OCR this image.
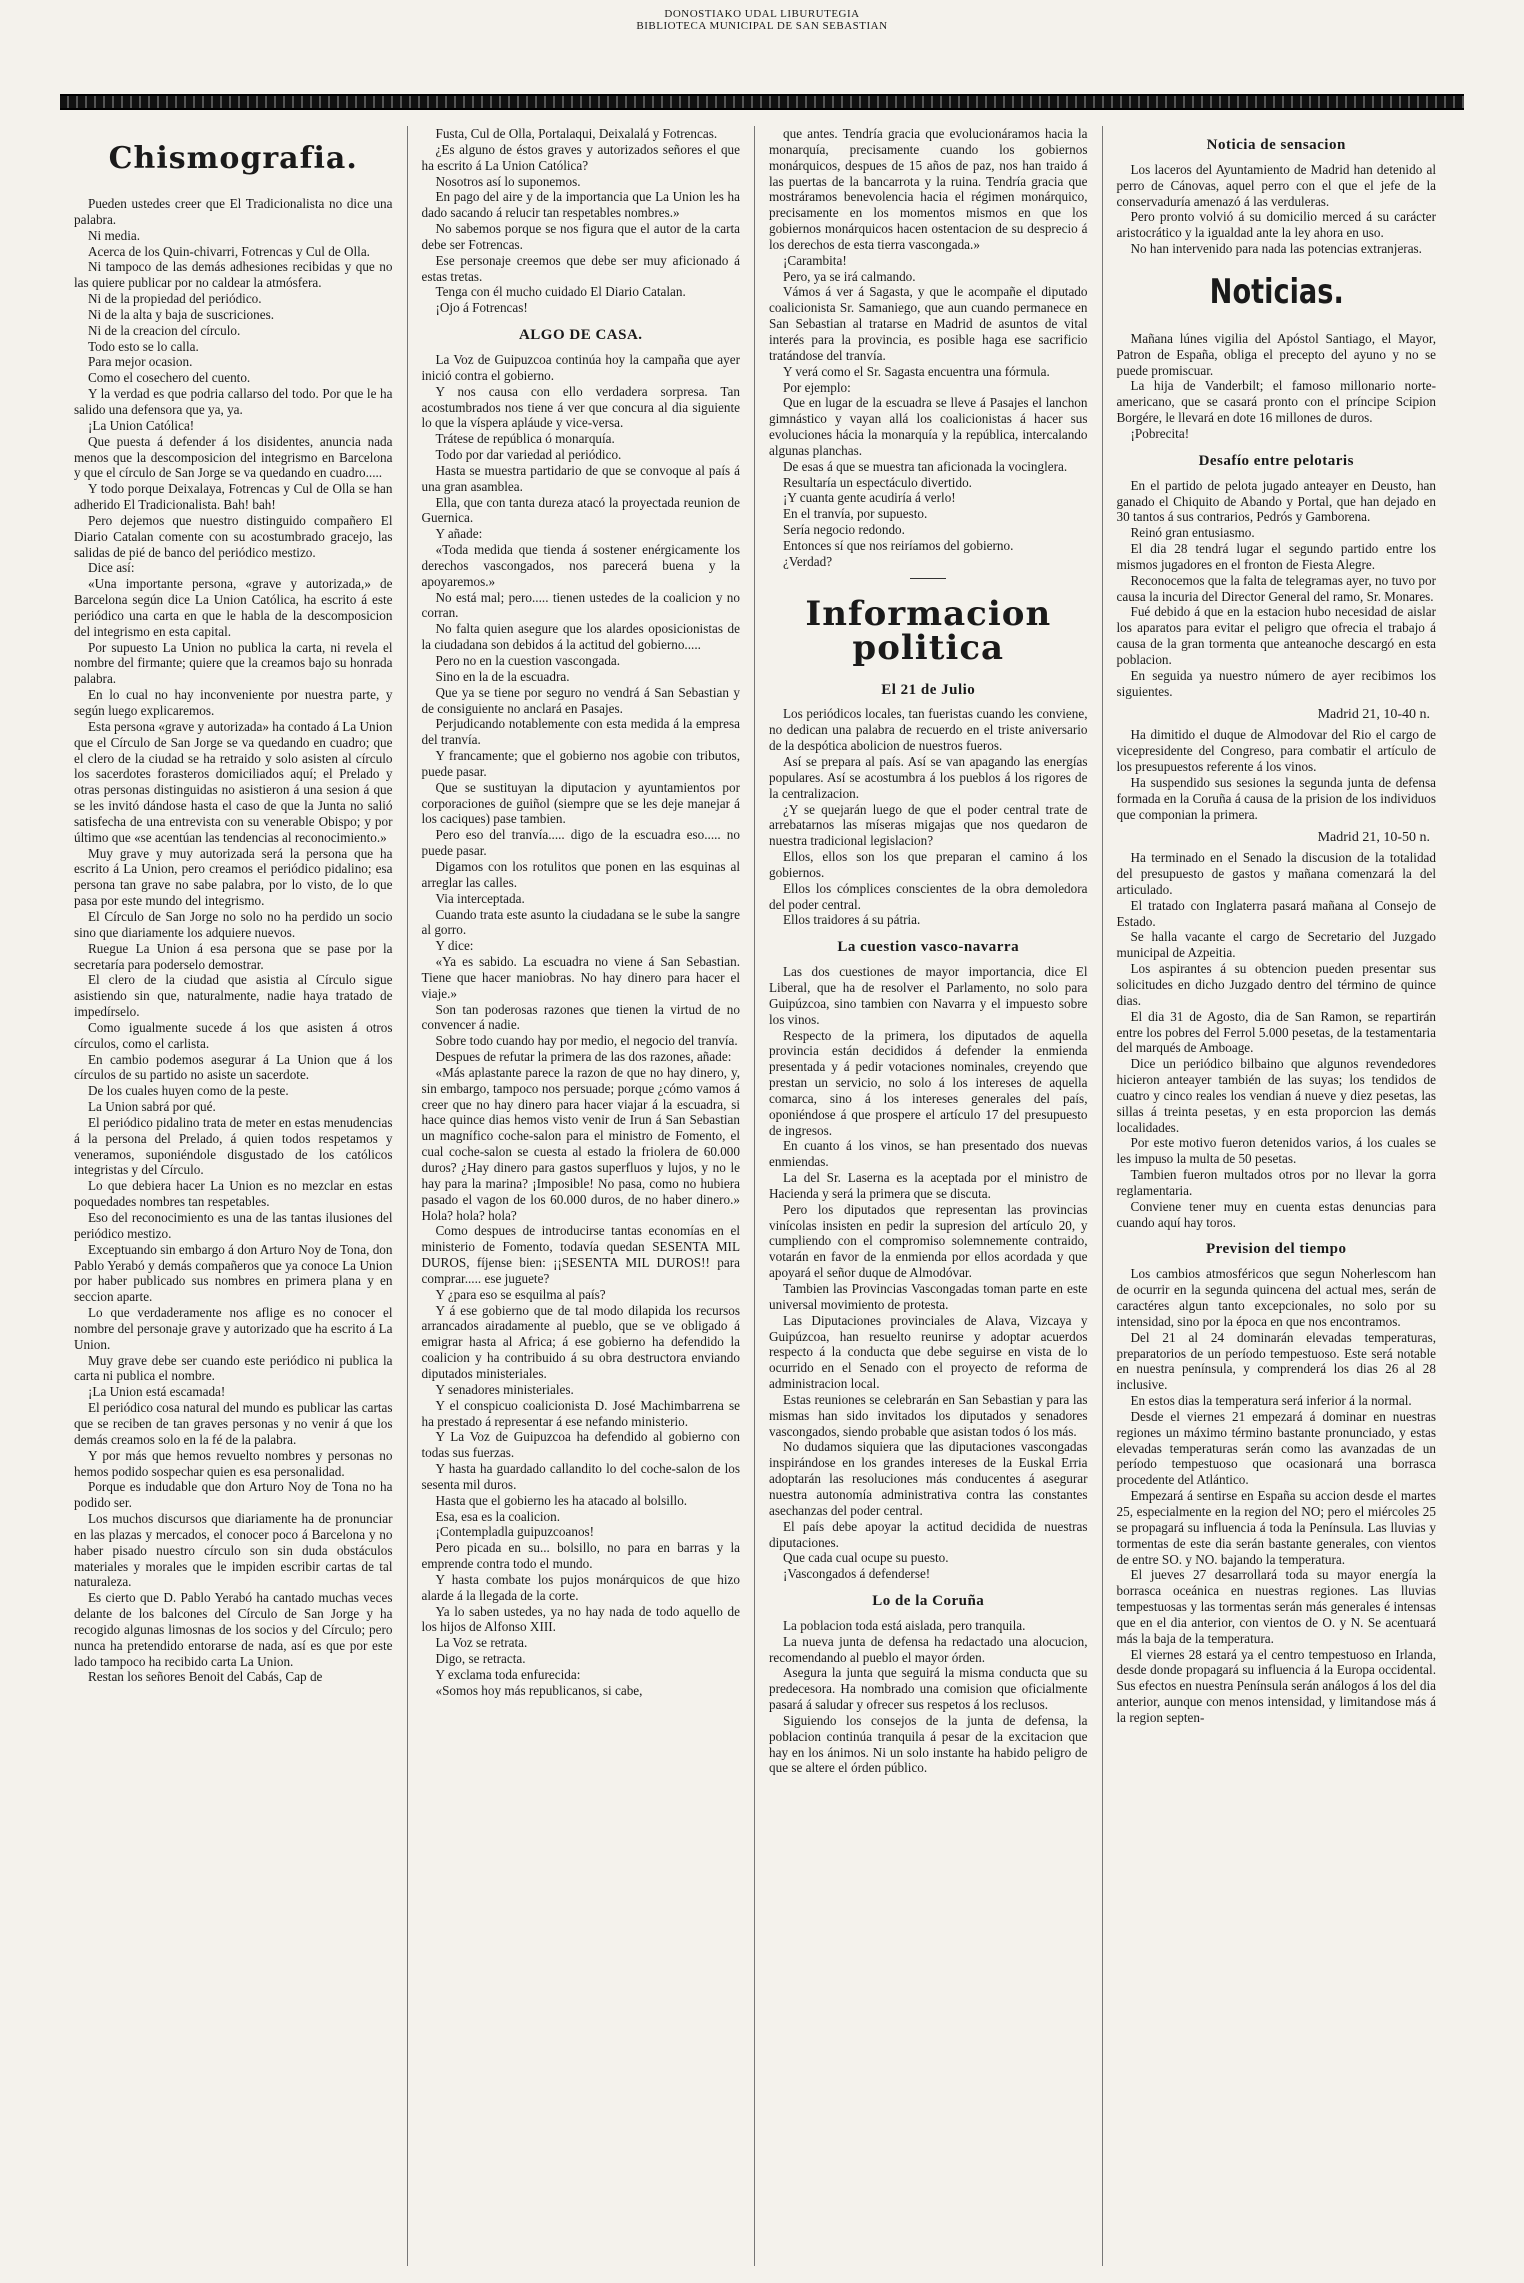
DONOSTIAKO UDAL LIBURUTEGIA
BIBLIOTECA MUNICIPAL DE SAN SEBASTIAN
Chismografia.

Pueden ustedes creer que El Tradicionalista no dice una palabra.

Ni media.

Acerca de los Quin-chivarri, Fotrencas y Cul de Olla.

Ni tampoco de las demás adhesiones recibidas y que no las quiere publicar por no caldear la atmósfera.

Ni de la propiedad del periódico.

Ni de la alta y baja de suscriciones.

Ni de la creacion del círculo.

Todo esto se lo calla.

Para mejor ocasion.

Como el cosechero del cuento.

Y la verdad es que podria callarso del todo. Por que le ha salido una defensora que ya, ya.

¡La Union Católica!

Que puesta á defender á los disidentes, anuncia nada menos que la descomposicion del integrismo en Barcelona y que el círculo de San Jorge se va quedando en cuadro.....

Y todo porque Deixalaya, Fotrencas y Cul de Olla se han adherido El Tradicionalista. Bah! bah!

Pero dejemos que nuestro distinguido compañero El Diario Catalan comente con su acostumbrado gracejo, las salidas de pié de banco del periódico mestizo.

Dice así:

«Una importante persona, «grave y autorizada,» de Barcelona según dice La Union Católica, ha escrito á este periódico una carta en que le habla de la descomposicion del integrismo en esta capital.

Por supuesto La Union no publica la carta, ni revela el nombre del firmante; quiere que la creamos bajo su honrada palabra.

En lo cual no hay inconveniente por nuestra parte, y según luego explicaremos.

Esta persona «grave y autorizada» ha contado á La Union que el Círculo de San Jorge se va quedando en cuadro; que el clero de la ciudad se ha retraido y solo asisten al círculo los sacerdotes forasteros domiciliados aquí; el Prelado y otras personas distinguidas no asistieron á una sesion á que se les invitó dándose hasta el caso de que la Junta no salió satisfecha de una entrevista con su venerable Obispo; y por último que «se acentúan las tendencias al reconocimiento.»

Muy grave y muy autorizada será la persona que ha escrito á La Union, pero creamos el periódico pidalino; esa persona tan grave no sabe palabra, por lo visto, de lo que pasa por este mundo del integrismo.

El Círculo de San Jorge no solo no ha perdido un socio sino que diariamente los adquiere nuevos.

Ruegue La Union á esa persona que se pase por la secretaría para poderselo demostrar.

El clero de la ciudad que asistia al Círculo sigue asistiendo sin que, naturalmente, nadie haya tratado de impedírselo.

Como igualmente sucede á los que asisten á otros círculos, como el carlista.

En cambio podemos asegurar á La Union que á los círculos de su partido no asiste un sacerdote.

De los cuales huyen como de la peste.

La Union sabrá por qué.

El periódico pidalino trata de meter en estas menudencias á la persona del Prelado, á quien todos respetamos y veneramos, suponiéndole disgustado de los católicos integristas y del Círculo.

Lo que debiera hacer La Union es no mezclar en estas poquedades nombres tan respetables.

Eso del reconocimiento es una de las tantas ilusiones del periódico mestizo.

Exceptuando sin embargo á don Arturo Noy de Tona, don Pablo Yerabó y demás compañeros que ya conoce La Union por haber publicado sus nombres en primera plana y en seccion aparte.

Lo que verdaderamente nos aflige es no conocer el nombre del personaje grave y autorizado que ha escrito á La Union.

Muy grave debe ser cuando este periódico ni publica la carta ni publica el nombre.

¡La Union está escamada!

El periódico cosa natural del mundo es publicar las cartas que se reciben de tan graves personas y no venir á que los demás creamos solo en la fé de la palabra.

Y por más que hemos revuelto nombres y personas no hemos podido sospechar quien es esa personalidad.

Porque es indudable que don Arturo Noy de Tona no ha podido ser.

Los muchos discursos que diariamente ha de pronunciar en las plazas y mercados, el conocer poco á Barcelona y no haber pisado nuestro círculo son sin duda obstáculos materiales y morales que le impiden escribir cartas de tal naturaleza.

Es cierto que D. Pablo Yerabó ha cantado muchas veces delante de los balcones del Círculo de San Jorge y ha recogido algunas limosnas de los socios y del Círculo; pero nunca ha pretendido entorarse de nada, así es que por este lado tampoco ha recibido carta La Union.

Restan los señores Benoit del Cabás, Cap de

Fusta, Cul de Olla, Portalaqui, Deixalalá y Fotrencas.

¿Es alguno de éstos graves y autorizados señores el que ha escrito á La Union Católica?

Nosotros así lo suponemos.

En pago del aire y de la importancia que La Union les ha dado sacando á relucir tan respetables nombres.»

No sabemos porque se nos figura que el autor de la carta debe ser Fotrencas.

Ese personaje creemos que debe ser muy aficionado á estas tretas.

Tenga con él mucho cuidado El Diario Catalan.

¡Ojo á Fotrencas!

ALGO DE CASA.

La Voz de Guipuzcoa continúa hoy la campaña que ayer inició contra el gobierno.

Y nos causa con ello verdadera sorpresa. Tan acostumbrados nos tiene á ver que concura al dia siguiente lo que la víspera apláude y vice-versa.

Trátese de república ó monarquía.

Todo por dar variedad al periódico.

Hasta se muestra partidario de que se convoque al país á una gran asamblea.

Ella, que con tanta dureza atacó la proyectada reunion de Guernica.

Y añade:

«Toda medida que tienda á sostener enérgicamente los derechos vascongados, nos parecerá buena y la apoyaremos.»

No está mal; pero..... tienen ustedes de la coalicion y no corran.

No falta quien asegure que los alardes oposicionistas de la ciudadana son debidos á la actitud del gobierno.....

Pero no en la cuestion vascongada.

Sino en la de la escuadra.

Que ya se tiene por seguro no vendrá á San Sebastian y de consiguiente no anclará en Pasajes.

Perjudicando notablemente con esta medida á la empresa del tranvía.

Y francamente; que el gobierno nos agobie con tributos, puede pasar.

Que se sustituyan la diputacion y ayuntamientos por corporaciones de guiñol (siempre que se les deje manejar á los caciques) pase tambien.

Pero eso del tranvía..... digo de la escuadra eso..... no puede pasar.

Digamos con los rotulitos que ponen en las esquinas al arreglar las calles.

Via interceptada.

Cuando trata este asunto la ciudadana se le sube la sangre al gorro.

Y dice:

«Ya es sabido. La escuadra no viene á San Sebastian. Tiene que hacer maniobras. No hay dinero para hacer el viaje.»

Son tan poderosas razones que tienen la virtud de no convencer á nadie.

Sobre todo cuando hay por medio, el negocio del tranvía.

Despues de refutar la primera de las dos razones, añade:

«Más aplastante parece la razon de que no hay dinero, y, sin embargo, tampoco nos persuade; porque ¿cómo vamos á creer que no hay dinero para hacer viajar á la escuadra, si hace quince dias hemos visto venir de Irun á San Sebastian un magnífico coche-salon para el ministro de Fomento, el cual coche-salon se cuesta al estado la friolera de 60.000 duros? ¿Hay dinero para gastos superfluos y lujos, y no le hay para la marina? ¡Imposible! No pasa, como no hubiera pasado el vagon de los 60.000 duros, de no haber dinero.» Hola? hola? hola?

Como despues de introducirse tantas economías en el ministerio de Fomento, todavía quedan SESENTA MIL DUROS, fíjense bien: ¡¡SESENTA MIL DUROS!! para comprar..... ese juguete?

Y ¿para eso se esquilma al país?

Y á ese gobierno que de tal modo dilapida los recursos arrancados airadamente al pueblo, que se ve obligado á emigrar hasta al Africa; á ese gobierno ha defendido la coalicion y ha contribuido á su obra destructora enviando diputados ministeriales.

Y senadores ministeriales.

Y el conspicuo coalicionista D. José Machimbarrena se ha prestado á representar á ese nefando ministerio.

Y La Voz de Guipuzcoa ha defendido al gobierno con todas sus fuerzas.

Y hasta ha guardado callandito lo del coche-salon de los sesenta mil duros.

Hasta que el gobierno les ha atacado al bolsillo.

Esa, esa es la coalicion.

¡Contempladla guipuzcoanos!

Pero picada en su... bolsillo, no para en barras y la emprende contra todo el mundo.

Y hasta combate los pujos monárquicos de que hizo alarde á la llegada de la corte.

Ya lo saben ustedes, ya no hay nada de todo aquello de los hijos de Alfonso XIII.

La Voz se retrata.

Digo, se retracta.

Y exclama toda enfurecida:

«Somos hoy más republicanos, si cabe,

que antes. Tendría gracia que evolucionáramos hacia la monarquía, precisamente cuando los gobiernos monárquicos, despues de 15 años de paz, nos han traido á las puertas de la bancarrota y la ruina. Tendría gracia que mostráramos benevolencia hacia el régimen monárquico, precisamente en los momentos mismos en que los gobiernos monárquicos hacen ostentacion de su desprecio á los derechos de esta tierra vascongada.»

¡Carambita!

Pero, ya se irá calmando.

Vámos á ver á Sagasta, y que le acompañe el diputado coalicionista Sr. Samaniego, que aun cuando permanece en San Sebastian al tratarse en Madrid de asuntos de vital interés para la provincia, es posible haga ese sacrificio tratándose del tranvía.

Y verá como el Sr. Sagasta encuentra una fórmula.

Por ejemplo:

Que en lugar de la escuadra se lleve á Pasajes el lanchon gimnástico y vayan allá los coalicionistas á hacer sus evoluciones hácia la monarquía y la república, intercalando algunas planchas.

De esas á que se muestra tan aficionada la vocinglera.

Resultaría un espectáculo divertido.

¡Y cuanta gente acudiría á verlo!

En el tranvía, por supuesto.

Sería negocio redondo.

Entonces sí que nos reiríamos del gobierno.

¿Verdad?

Informacion politica
El 21 de Julio

Los periódicos locales, tan fueristas cuando les conviene, no dedican una palabra de recuerdo en el triste aniversario de la despótica abolicion de nuestros fueros.

Así se prepara al país. Así se van apagando las energías populares. Así se acostumbra á los pueblos á los rigores de la centralizacion.

¿Y se quejarán luego de que el poder central trate de arrebatarnos las míseras migajas que nos quedaron de nuestra tradicional legislacion?

Ellos, ellos son los que preparan el camino á los gobiernos.

Ellos los cómplices conscientes de la obra demoledora del poder central.

Ellos traidores á su pátria.

La cuestion vasco-navarra

Las dos cuestiones de mayor importancia, dice El Liberal, que ha de resolver el Parlamento, no solo para Guipúzcoa, sino tambien con Navarra y el impuesto sobre los vinos.

Respecto de la primera, los diputados de aquella provincia están decididos á defender la enmienda presentada y á pedir votaciones nominales, creyendo que prestan un servicio, no solo á los intereses de aquella comarca, sino á los intereses generales del país, oponiéndose á que prospere el artículo 17 del presupuesto de ingresos.

En cuanto á los vinos, se han presentado dos nuevas enmiendas.

La del Sr. Laserna es la aceptada por el ministro de Hacienda y será la primera que se discuta.

Pero los diputados que representan las provincias vinícolas insisten en pedir la supresion del artículo 20, y cumpliendo con el compromiso solemnemente contraido, votarán en favor de la enmienda por ellos acordada y que apoyará el señor duque de Almodóvar.

Tambien las Provincias Vascongadas toman parte en este universal movimiento de protesta.

Las Diputaciones provinciales de Alava, Vizcaya y Guipúzcoa, han resuelto reunirse y adoptar acuerdos respecto á la conducta que debe seguirse en vista de lo ocurrido en el Senado con el proyecto de reforma de administracion local.

Estas reuniones se celebrarán en San Sebastian y para las mismas han sido invitados los diputados y senadores vascongados, siendo probable que asistan todos ó los más.

No dudamos siquiera que las diputaciones vascongadas inspirándose en los grandes intereses de la Euskal Erria adoptarán las resoluciones más conducentes á asegurar nuestra autonomía administrativa contra las constantes asechanzas del poder central.

El país debe apoyar la actitud decidida de nuestras diputaciones.

Que cada cual ocupe su puesto.

¡Vascongados á defenderse!

Lo de la Coruña

La poblacion toda está aislada, pero tranquila.

La nueva junta de defensa ha redactado una alocucion, recomendando al pueblo el mayor órden.

Asegura la junta que seguirá la misma conducta que su predecesora. Ha nombrado una comision que oficialmente pasará á saludar y ofrecer sus respetos á los reclusos.

Siguiendo los consejos de la junta de defensa, la poblacion continúa tranquila á pesar de la excitacion que hay en los ánimos. Ni un solo instante ha habido peligro de que se altere el órden público.

Noticia de sensacion

Los laceros del Ayuntamiento de Madrid han detenido al perro de Cánovas, aquel perro con el que el jefe de la conservaduría amenazó á las verduleras.

Pero pronto volvió á su domicilio merced á su carácter aristocrático y la igualdad ante la ley ahora en uso.

No han intervenido para nada las potencias extranjeras.

Noticias.

Mañana lúnes vigilia del Apóstol Santiago, el Mayor, Patron de España, obliga el precepto del ayuno y no se puede promiscuar.

La hija de Vanderbilt; el famoso millonario norte-americano, que se casará pronto con el príncipe Scipion Borgére, le llevará en dote 16 millones de duros.

¡Pobrecita!

Desafío entre pelotaris

En el partido de pelota jugado anteayer en Deusto, han ganado el Chiquito de Abando y Portal, que han dejado en 30 tantos á sus contrarios, Pedrós y Gamborena.

Reinó gran entusiasmo.

El dia 28 tendrá lugar el segundo partido entre los mismos jugadores en el fronton de Fiesta Alegre.

Reconocemos que la falta de telegramas ayer, no tuvo por causa la incuria del Director General del ramo, Sr. Monares.

Fué debido á que en la estacion hubo necesidad de aislar los aparatos para evitar el peligro que ofrecia el trabajo á causa de la gran tormenta que anteanoche descargó en esta poblacion.

En seguida ya nuestro número de ayer recibimos los siguientes.

Madrid 21, 10-40 n.

Ha dimitido el duque de Almodovar del Rio el cargo de vicepresidente del Congreso, para combatir el artículo de los presupuestos referente á los vinos.

Ha suspendido sus sesiones la segunda junta de defensa formada en la Coruña á causa de la prision de los individuos que componian la primera.

Madrid 21, 10-50 n.

Ha terminado en el Senado la discusion de la totalidad del presupuesto de gastos y mañana comenzará la del articulado.

El tratado con Inglaterra pasará mañana al Consejo de Estado.

Se halla vacante el cargo de Secretario del Juzgado municipal de Azpeitia.

Los aspirantes á su obtencion pueden presentar sus solicitudes en dicho Juzgado dentro del término de quince dias.

El dia 31 de Agosto, dia de San Ramon, se repartirán entre los pobres del Ferrol 5.000 pesetas, de la testamentaria del marqués de Amboage.

Dice un periódico bilbaino que algunos revendedores hicieron anteayer también de las suyas; los tendidos de cuatro y cinco reales los vendian á nueve y diez pesetas, las sillas á treinta pesetas, y en esta proporcion las demás localidades.

Por este motivo fueron detenidos varios, á los cuales se les impuso la multa de 50 pesetas.

Tambien fueron multados otros por no llevar la gorra reglamentaria.

Conviene tener muy en cuenta estas denuncias para cuando aquí hay toros.

Prevision del tiempo

Los cambios atmosféricos que segun Noherlescom han de ocurrir en la segunda quincena del actual mes, serán de caractéres algun tanto excepcionales, no solo por su intensidad, sino por la época en que nos encontramos.

Del 21 al 24 dominarán elevadas temperaturas, preparatorios de un período tempestuoso. Este será notable en nuestra península, y comprenderá los dias 26 al 28 inclusive.

En estos dias la temperatura será inferior á la normal.

Desde el viernes 21 empezará á dominar en nuestras regiones un máximo término bastante pronunciado, y estas elevadas temperaturas serán como las avanzadas de un período tempestuoso que ocasionará una borrasca procedente del Atlántico.

Empezará á sentirse en España su accion desde el martes 25, especialmente en la region del NO; pero el miércoles 25 se propagará su influencia á toda la Península. Las lluvias y tormentas de este dia serán bastante generales, con vientos de entre SO. y NO. bajando la temperatura.

El jueves 27 desarrollará toda su mayor energía la borrasca oceánica en nuestras regiones. Las lluvias tempestuosas y las tormentas serán más generales é intensas que en el dia anterior, con vientos de O. y N. Se acentuará más la baja de la temperatura.

El viernes 28 estará ya el centro tempestuoso en Irlanda, desde donde propagará su influencia á la Europa occidental. Sus efectos en nuestra Península serán análogos á los del dia anterior, aunque con menos intensidad, y limitandose más á la region septen-
